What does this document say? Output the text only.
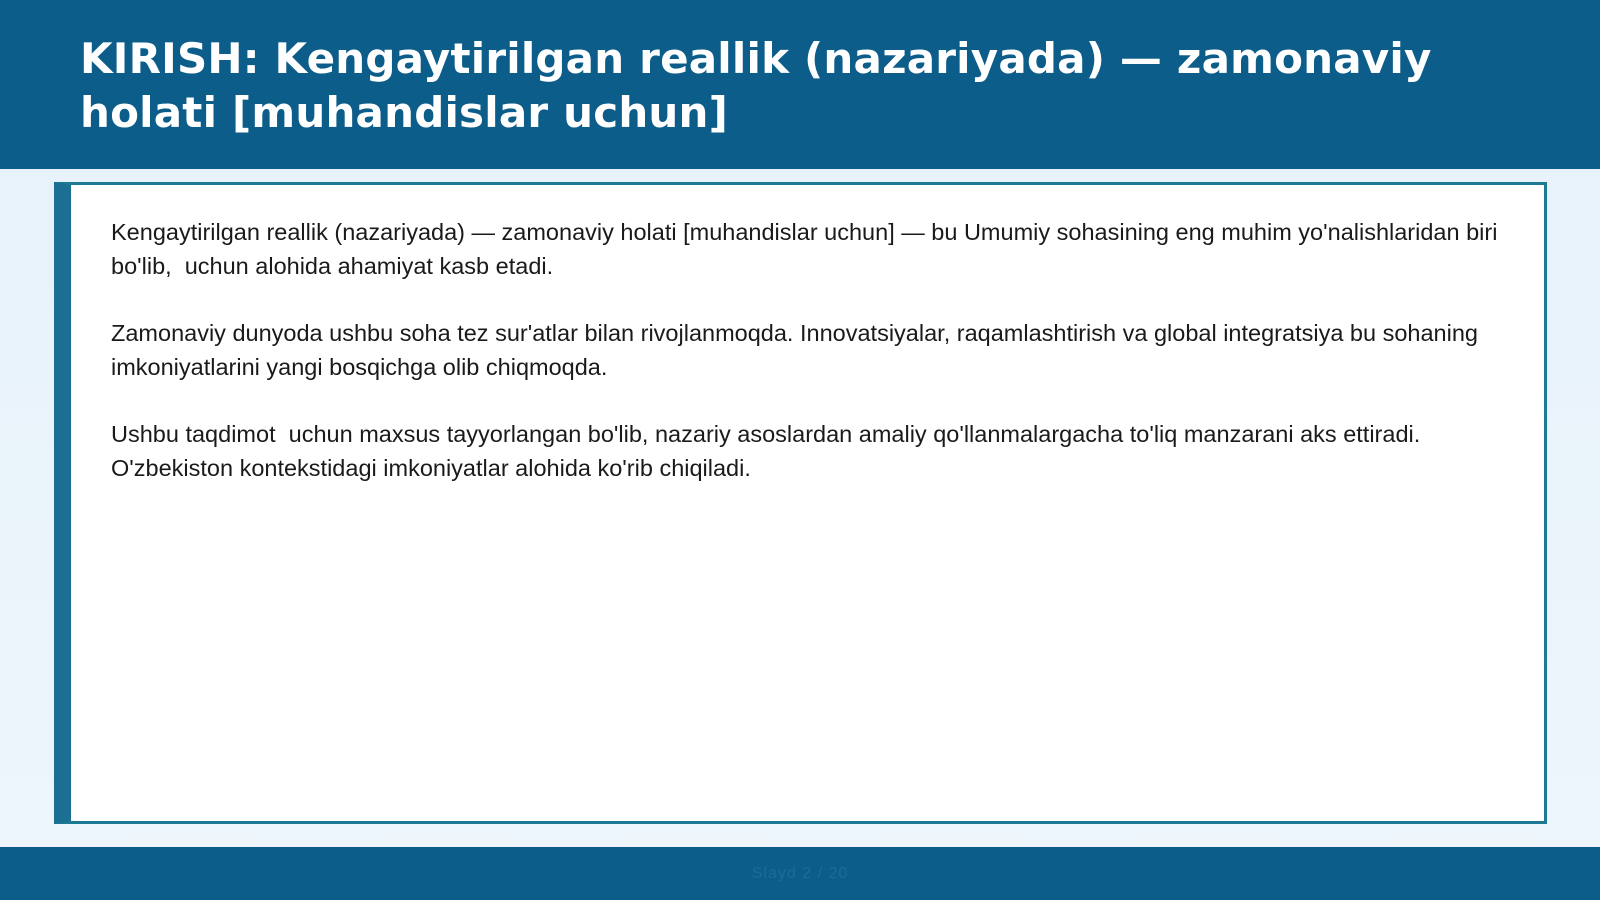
KIRISH: Kengaytirilgan reallik (nazariyada) — zamonaviy holati [muhandislar uchun]

Kengaytirilgan reallik (nazariyada) — zamonaviy holati [muhandislar uchun] — bu Umumiy sohasining eng muhim yo'nalishlaridan biri bo'lib,  uchun alohida ahamiyat kasb etadi.

Zamonaviy dunyoda ushbu soha tez sur'atlar bilan rivojlanmoqda. Innovatsiyalar, raqamlashtirish va global integratsiya bu sohaning imkoniyatlarini yangi bosqichga olib chiqmoqda.

Ushbu taqdimot  uchun maxsus tayyorlangan bo'lib, nazariy asoslardan amaliy qo'llanmalargacha to'liq manzarani aks ettiradi. O'zbekiston kontekstidagi imkoniyatlar alohida ko'rib chiqiladi.

Slayd 2 / 20
